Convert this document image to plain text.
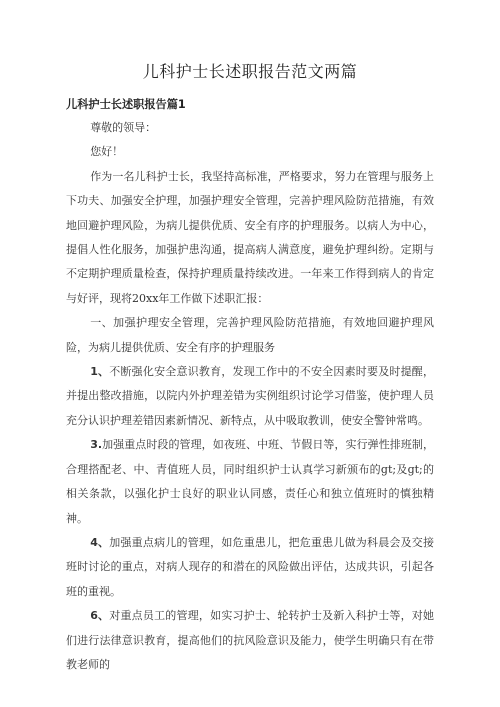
儿科护士长述职报告范文两篇
儿科护士长述职报告篇1

尊敬的领导：

您好！

作为一名儿科护士长，我坚持高标准，严格要求，努力在管理与服务上下功夫、加强安全护理，加强护理安全管理，完善护理风险防范措施，有效地回避护理风险，为病儿提供优质、安全有序的护理服务。以病人为中心，提倡人性化服务，加强护患沟通，提高病人满意度，避免护理纠纷。定期与不定期护理质量检查，保持护理质量持续改进。一年来工作得到病人的肯定与好评，现将20xx年工作做下述职汇报：

一、加强护理安全管理，完善护理风险防范措施，有效地回避护理风险，为病儿提供优质、安全有序的护理服务

1、不断强化安全意识教育，发现工作中的不安全因素时要及时提醒，并提出整改措施，以院内外护理差错为实例组织讨论学习借鉴，使护理人员充分认识护理差错因素新情况、新特点，从中吸取教训，使安全警钟常鸣。

3.加强重点时段的管理，如夜班、中班、节假日等，实行弹性排班制，合理搭配老、中、青值班人员，同时组织护士认真学习新颁布的gt;及gt;的相关条款，以强化护士良好的职业认同感，责任心和独立值班时的慎独精神。

4、加强重点病儿的管理，如危重患儿，把危重患儿做为科晨会及交接班时讨论的重点，对病人现存的和潜在的风险做出评估，达成共识，引起各班的重视。

6、对重点员工的管理，如实习护士、轮转护士及新入科护士等，对她们进行法律意识教育，提高他们的抗风险意识及能力，使学生明确只有在带教老师的
